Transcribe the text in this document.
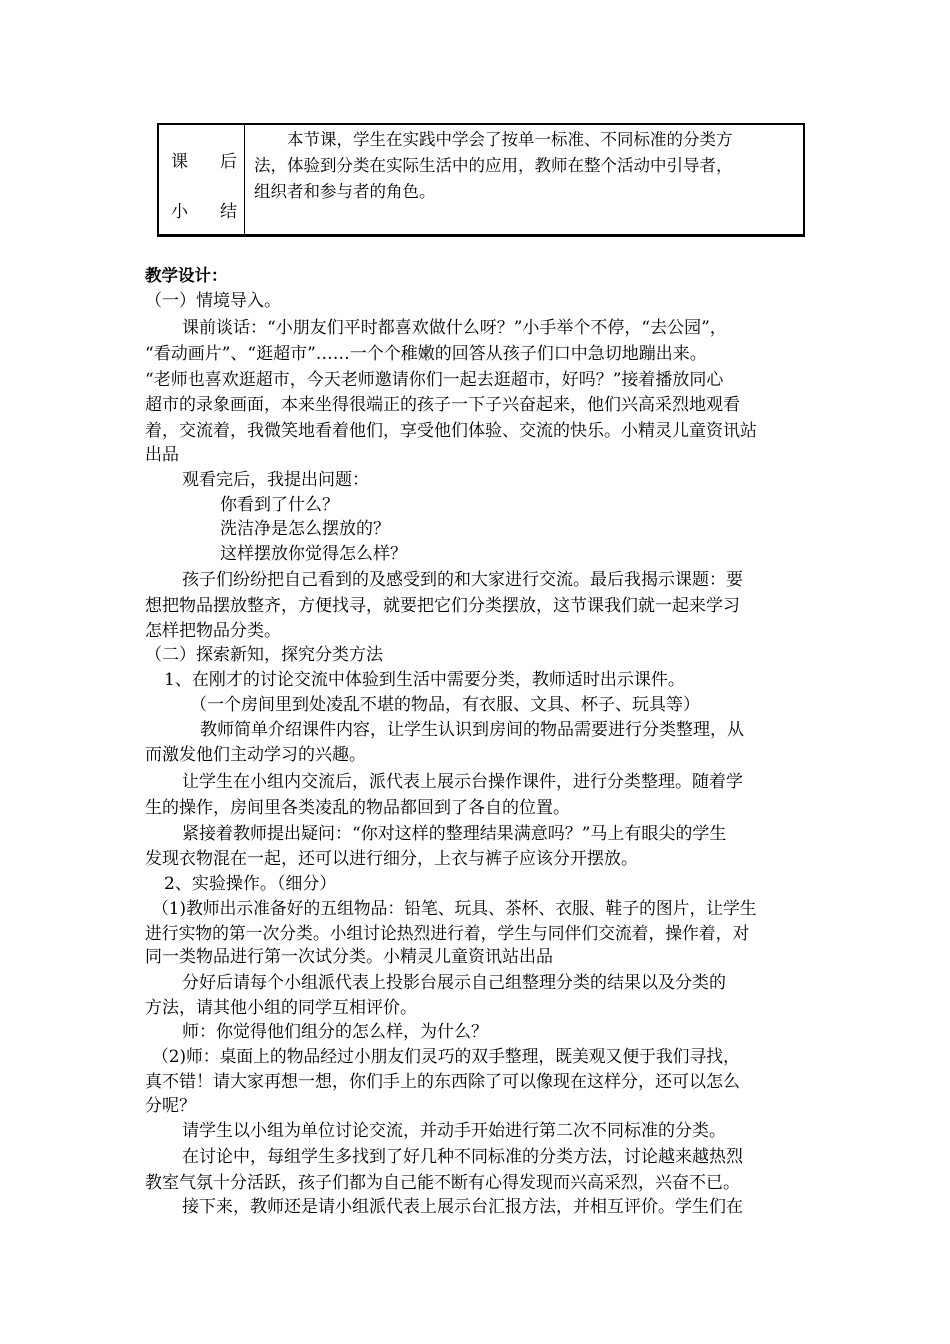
课 后
小 结
　　本节课，学生在实践中学会了按单一标准、不同标准的分类方
法，体验到分类在实际生活中的应用，教师在整个活动中引导者，
组织者和参与者的角色。
教学设计：
（一）情境导入。
课前谈话：“小朋友们平时都喜欢做什么呀？”小手举个不停，“去公园”，
“看动画片”、“逛超市”……一个个稚嫩的回答从孩子们口中急切地蹦出来。
“老师也喜欢逛超市，今天老师邀请你们一起去逛超市，好吗？”接着播放同心
超市的录象画面，本来坐得很端正的孩子一下子兴奋起来，他们兴高采烈地观看
着，交流着，我微笑地看着他们，享受他们体验、交流的快乐。小精灵儿童资讯站
出品
观看完后，我提出问题：
你看到了什么？
洗洁净是怎么摆放的？
这样摆放你觉得怎么样？
孩子们纷纷把自己看到的及感受到的和大家进行交流。最后我揭示课题：要
想把物品摆放整齐，方便找寻，就要把它们分类摆放，这节课我们就一起来学习
怎样把物品分类。
（二）探索新知，探究分类方法
1、在刚才的讨论交流中体验到生活中需要分类，教师适时出示课件。
（一个房间里到处凌乱不堪的物品，有衣服、文具、杯子、玩具等）
教师简单介绍课件内容，让学生认识到房间的物品需要进行分类整理，从
而激发他们主动学习的兴趣。
让学生在小组内交流后，派代表上展示台操作课件，进行分类整理。随着学
生的操作，房间里各类凌乱的物品都回到了各自的位置。
紧接着教师提出疑问：“你对这样的整理结果满意吗？”马上有眼尖的学生
发现衣物混在一起，还可以进行细分，上衣与裤子应该分开摆放。
2、实验操作。（细分）
（1)教师出示准备好的五组物品：铅笔、玩具、茶杯、衣服、鞋子的图片，让学生
进行实物的第一次分类。小组讨论热烈进行着，学生与同伴们交流着，操作着，对
同一类物品进行第一次试分类。小精灵儿童资讯站出品
分好后请每个小组派代表上投影台展示自己组整理分类的结果以及分类的
方法，请其他小组的同学互相评价。
师：你觉得他们组分的怎么样，为什么？
（2)师：桌面上的物品经过小朋友们灵巧的双手整理，既美观又便于我们寻找，
真不错！请大家再想一想，你们手上的东西除了可以像现在这样分，还可以怎么
分呢？
请学生以小组为单位讨论交流，并动手开始进行第二次不同标准的分类。
在讨论中，每组学生多找到了好几种不同标准的分类方法，讨论越来越热烈
教室气氛十分活跃，孩子们都为自己能不断有心得发现而兴高采烈，兴奋不已。
接下来，教师还是请小组派代表上展示台汇报方法，并相互评价。学生们在
